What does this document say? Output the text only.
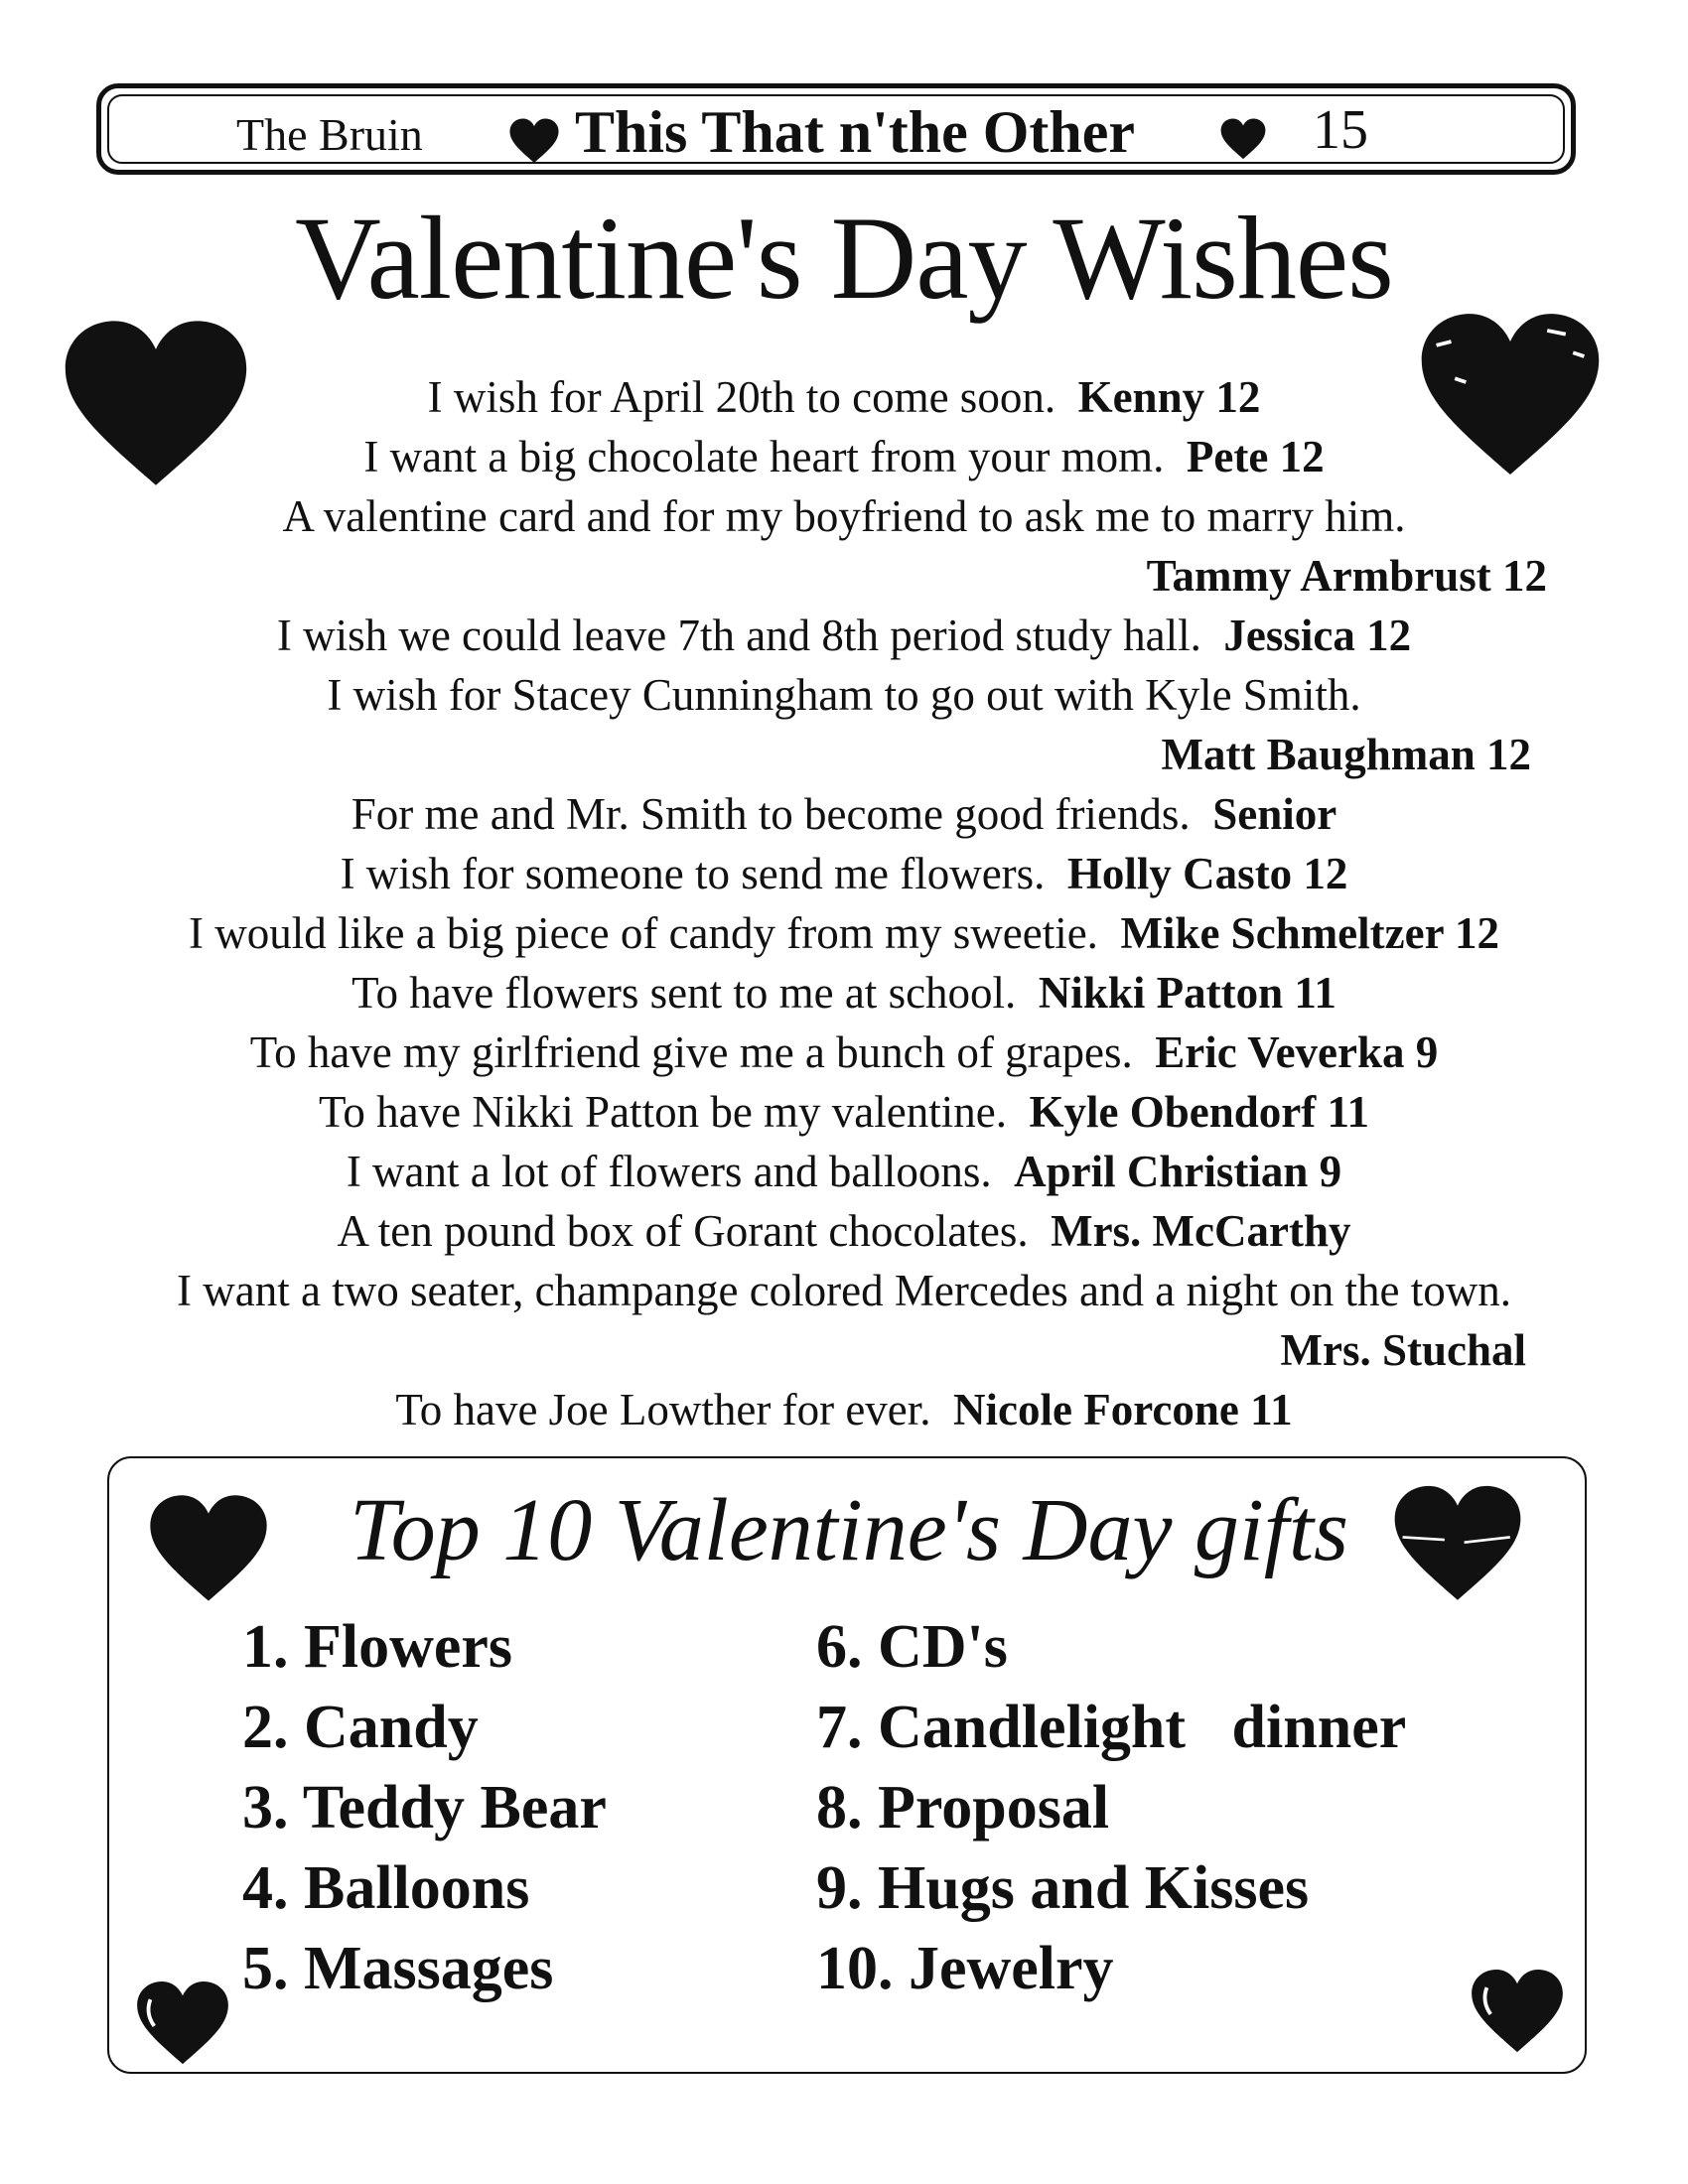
The Bruin	This That n'the Other	15
Valentine's Day Wishes
I wish for April 20th to come soon. Kenny 12
I want a big chocolate heart from your mom. Pete 12
A valentine card and for my boyfriend to ask me to marry him.
Tammy Armbrust 12
I wish we could leave 7th and 8th period study hall. Jessica 12
I wish for Stacey Cunningham to go out with Kyle Smith.
Matt Baughman 12
For me and Mr. Smith to become good friends. Senior
I wish for someone to send me flowers. Holly Casto 12
I would like a big piece of candy from my sweetie. Mike Schmeltzer 12
To have flowers sent to me at school. Nikki Patton 11
To have my girlfriend give me a bunch of grapes. Eric Veverka 9
To have Nikki Patton be my valentine. Kyle Obendorf 11
I want a lot of flowers and balloons. April Christian 9
A ten pound box of Gorant chocolates. Mrs. McCarthy
I want a two seater, champange colored Mercedes and a night on the town.
Mrs. Stuchal
To have Joe Lowther for ever. Nicole Forcone 11
Top 10 Valentine's Day gifts
1. Flowers
2. Candy
3. Teddy Bear
4. Balloons
5. Massages
6. CD's
7. Candlelight   dinner
8. Proposal
9. Hugs and Kisses
10. Jewelry
